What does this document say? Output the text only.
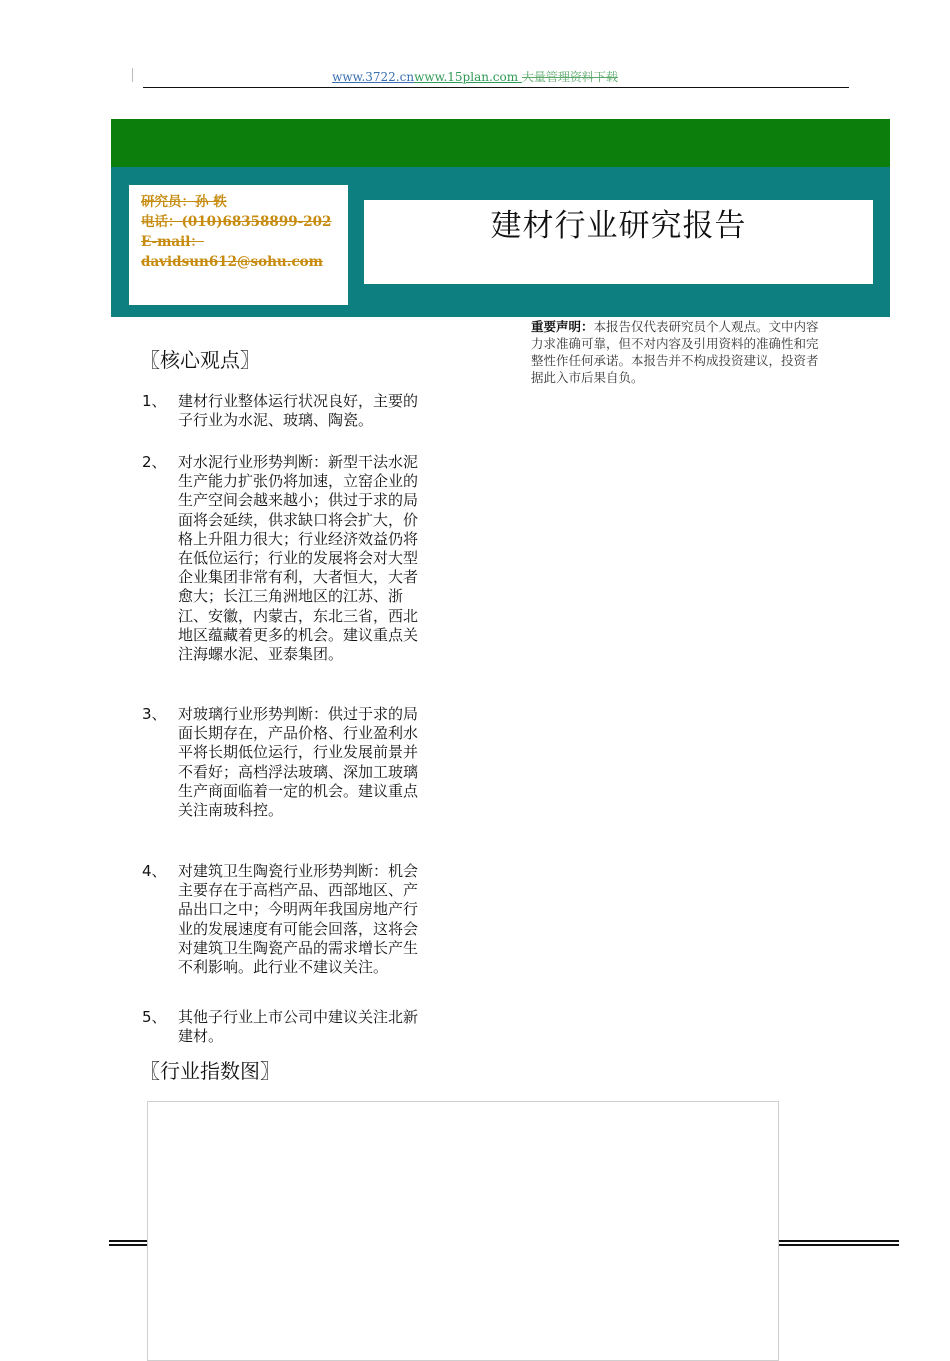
www.3722.cnwww.15plan.com 大量管理资料下载
研究员：孙 轶
电话：(010)68358899-202
E-mail：
davidsun612@sohu.com
建材行业研究报告
重要声明：本报告仅代表研究员个人观点。文中内容力求准确可靠，但不对内容及引用资料的准确性和完整性作任何承诺。本报告并不构成投资建议，投资者据此入市后果自负。
〖核心观点〗
1、 建材行业整体运行状况良好，主要的子行业为水泥、玻璃、陶瓷。
2、 对水泥行业形势判断：新型干法水泥生产能力扩张仍将加速，立窑企业的生产空间会越来越小；供过于求的局面将会延续，供求缺口将会扩大，价格上升阻力很大；行业经济效益仍将在低位运行；行业的发展将会对大型企业集团非常有利，大者恒大，大者愈大；长江三角洲地区的江苏、浙江、安徽，内蒙古，东北三省，西北地区蕴藏着更多的机会。建议重点关注海螺水泥、亚泰集团。
3、 对玻璃行业形势判断：供过于求的局面长期存在，产品价格、行业盈利水平将长期低位运行，行业发展前景并不看好；高档浮法玻璃、深加工玻璃生产商面临着一定的机会。建议重点关注南玻科控。
4、 对建筑卫生陶瓷行业形势判断：机会主要存在于高档产品、西部地区、产品出口之中；今明两年我国房地产行业的发展速度有可能会回落，这将会对建筑卫生陶瓷产品的需求增长产生不利影响。此行业不建议关注。
5、 其他子行业上市公司中建议关注北新建材。
〖行业指数图〗
